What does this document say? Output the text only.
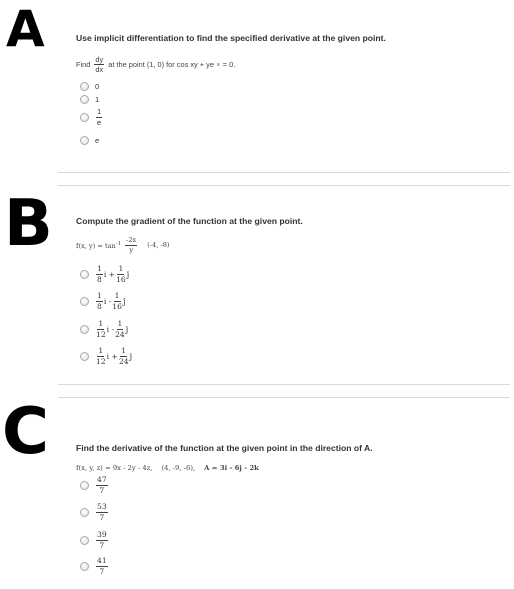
A	Use implicit differentiation to find the specified derivative at the given point.
Find $\frac{dy}{dx}$ at the point (1, 0) for cos xy + ye x = 0.
0
1
$\frac{1}{e}$
e
B	Compute the gradient of the function at the given point.
f(x, $y) = \tan^{-1} \frac{-2x}{y} (-4$, -8)
$\frac{1}{8}$ $i + \frac{1}{16}$ j
$\frac{1}{8}$ i - $\frac{1}{16}$ j
$\frac{1}{12}$ i - $\frac{1}{24}$ j
$\frac{1}{12}$ $i + \frac{1}{24}$ j
C	Find the derivative of the function at the given point in the direction of A.
f(x, y, z) = 9x - 2y - 4z, (4, -9, -6), A = 3i - 6j - 2k
$\frac{47}{7}$
$\frac{53}{7}$
$\frac{39}{7}$
$\frac{41}{7}$
